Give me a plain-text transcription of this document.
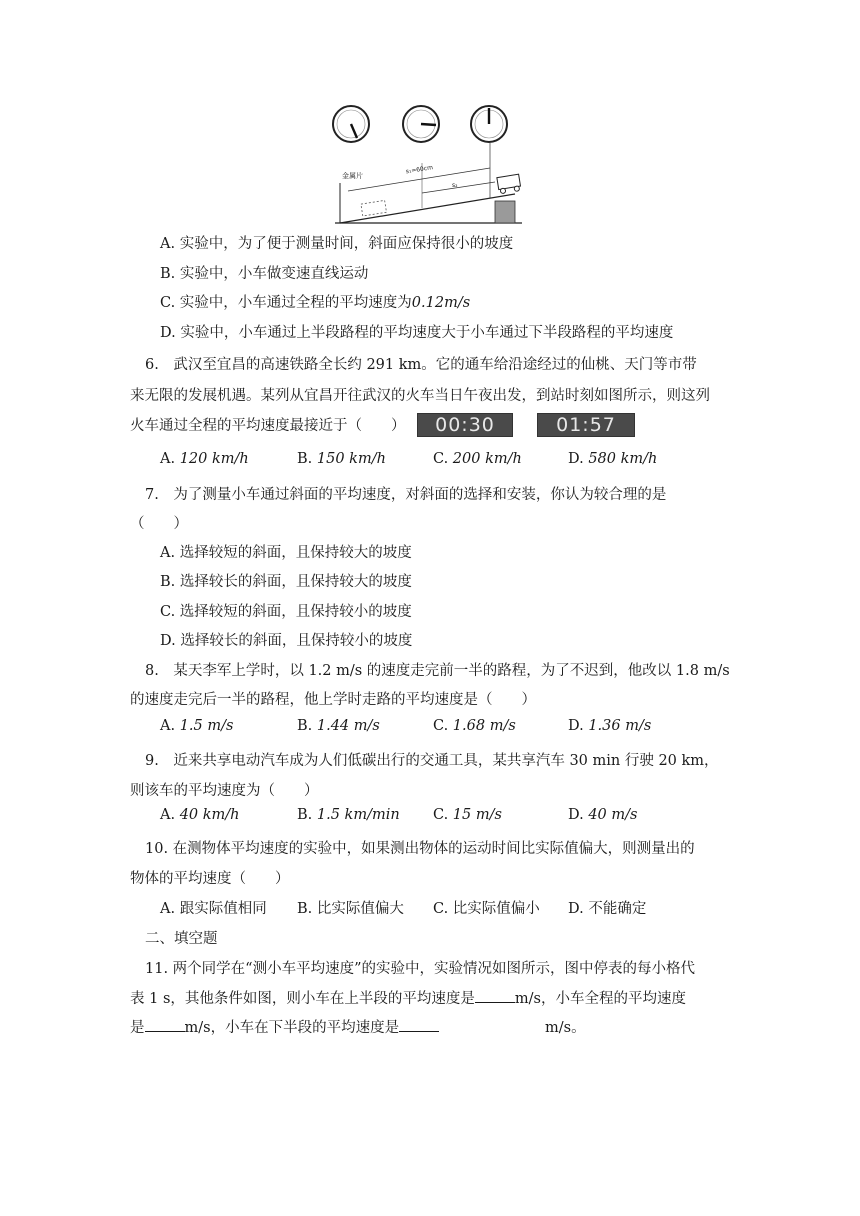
金属片
s₁=60cm
s₂
A. 实验中，为了便于测量时间，斜面应保持很小的坡度
B. 实验中，小车做变速直线运动
C. 实验中，小车通过全程的平均速度为0.12m/s
D. 实验中，小车通过上半段路程的平均速度大于小车通过下半段路程的平均速度
6.　武汉至宜昌的高速铁路全长约 291 km。它的通车给沿途经过的仙桃、天门等市带
来无限的发展机遇。某列从宜昌开往武汉的火车当日午夜出发，到站时刻如图所示，则这列
火车通过全程的平均速度最接近于（　　）	00:30	01:57
A. 120 km/h	B. 150 km/h	C. 200 km/h	D. 580 km/h
7.　为了测量小车通过斜面的平均速度，对斜面的选择和安装，你认为较合理的是
（　　）
A. 选择较短的斜面，且保持较大的坡度
B. 选择较长的斜面，且保持较大的坡度
C. 选择较短的斜面，且保持较小的坡度
D. 选择较长的斜面，且保持较小的坡度
8.　某天李军上学时，以 1.2 m/s 的速度走完前一半的路程，为了不迟到，他改以 1.8 m/s
的速度走完后一半的路程，他上学时走路的平均速度是（　　）
A. 1.5 m/s	B. 1.44 m/s	C. 1.68 m/s	D. 1.36 m/s
9.　近来共享电动汽车成为人们低碳出行的交通工具，某共享汽车 30 min 行驶 20 km，
则该车的平均速度为（　　）
A. 40 km/h	B. 1.5 km/min C. 15 m/s	D. 40 m/s
10. 在测物体平均速度的实验中，如果测出物体的运动时间比实际值偏大，则测量出的
物体的平均速度（　　）
A. 跟实际值相同 B. 比实际值偏大 C. 比实际值偏小 D. 不能确定
二、填空题
11. 两个同学在“测小车平均速度”的实验中，实验情况如图所示，图中停表的每小格代
表 1 s，其他条件如图，则小车在上半段的平均速度是	m/s，小车全程的平均速度
是	m/s，小车在下半段的平均速度是	m/s。
